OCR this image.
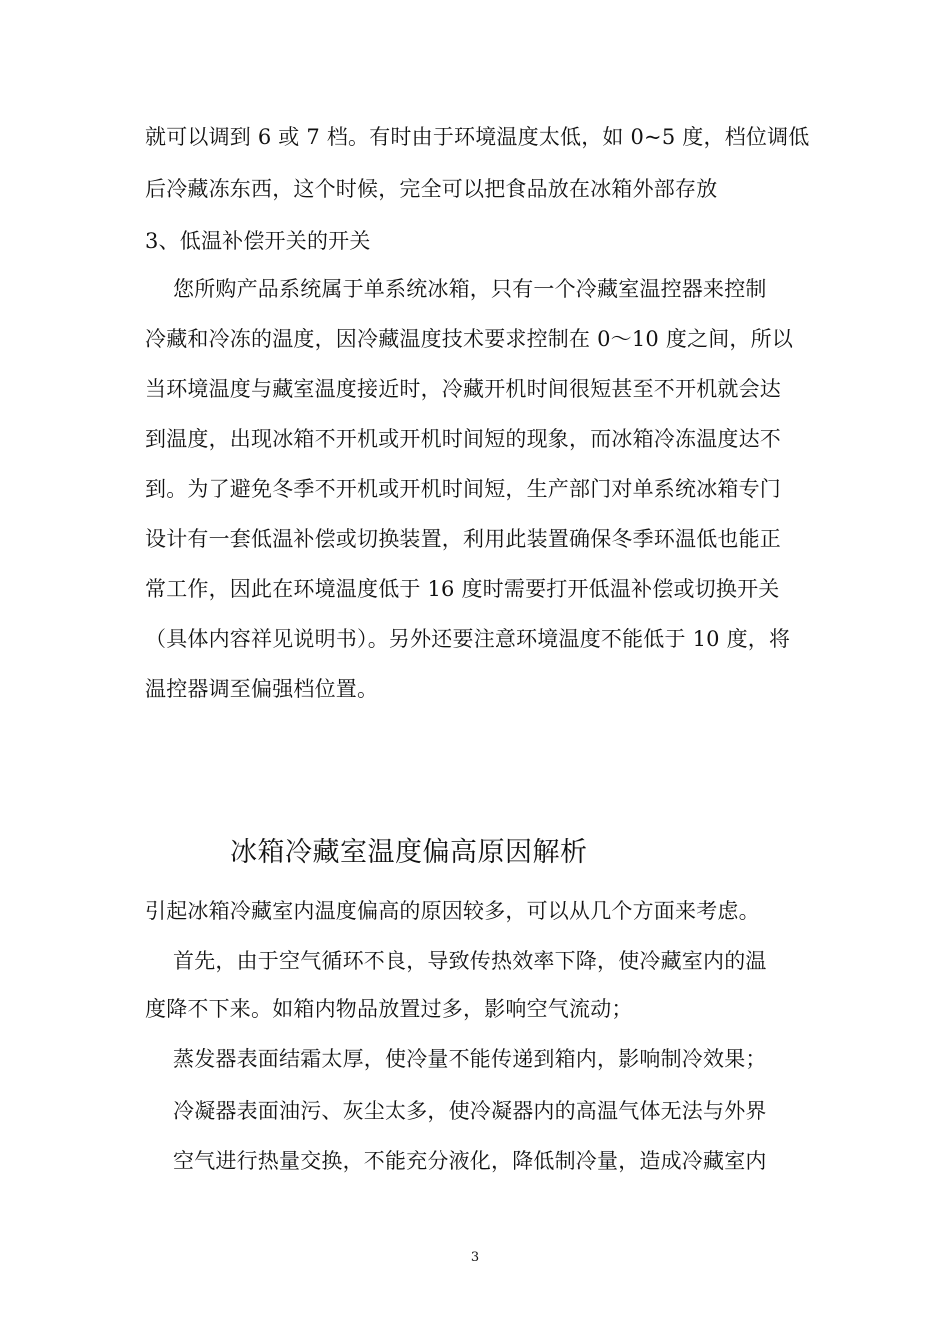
就可以调到 6 或 7 档。有时由于环境温度太低，如 0~5 度，档位调低
后冷藏冻东西，这个时候，完全可以把食品放在冰箱外部存放
3、低温补偿开关的开关
您所购产品系统属于单系统冰箱，只有一个冷藏室温控器来控制
冷藏和冷冻的温度，因冷藏温度技术要求控制在 0～10 度之间，所以
当环境温度与藏室温度接近时，冷藏开机时间很短甚至不开机就会达
到温度，出现冰箱不开机或开机时间短的现象，而冰箱冷冻温度达不
到。为了避免冬季不开机或开机时间短，生产部门对单系统冰箱专门
设计有一套低温补偿或切换装置，利用此装置确保冬季环温低也能正
常工作，因此在环境温度低于 16 度时需要打开低温补偿或切换开关
（具体内容祥见说明书）。另外还要注意环境温度不能低于 10 度，将
温控器调至偏强档位置。
冰箱冷藏室温度偏高原因解析
引起冰箱冷藏室内温度偏高的原因较多，可以从几个方面来考虑。
首先，由于空气循环不良，导致传热效率下降，使冷藏室内的温
度降不下来。如箱内物品放置过多，影响空气流动；
蒸发器表面结霜太厚，使冷量不能传递到箱内，影响制冷效果；
冷凝器表面油污、灰尘太多，使冷凝器内的高温气体无法与外界
空气进行热量交换，不能充分液化，降低制冷量，造成冷藏室内
3
